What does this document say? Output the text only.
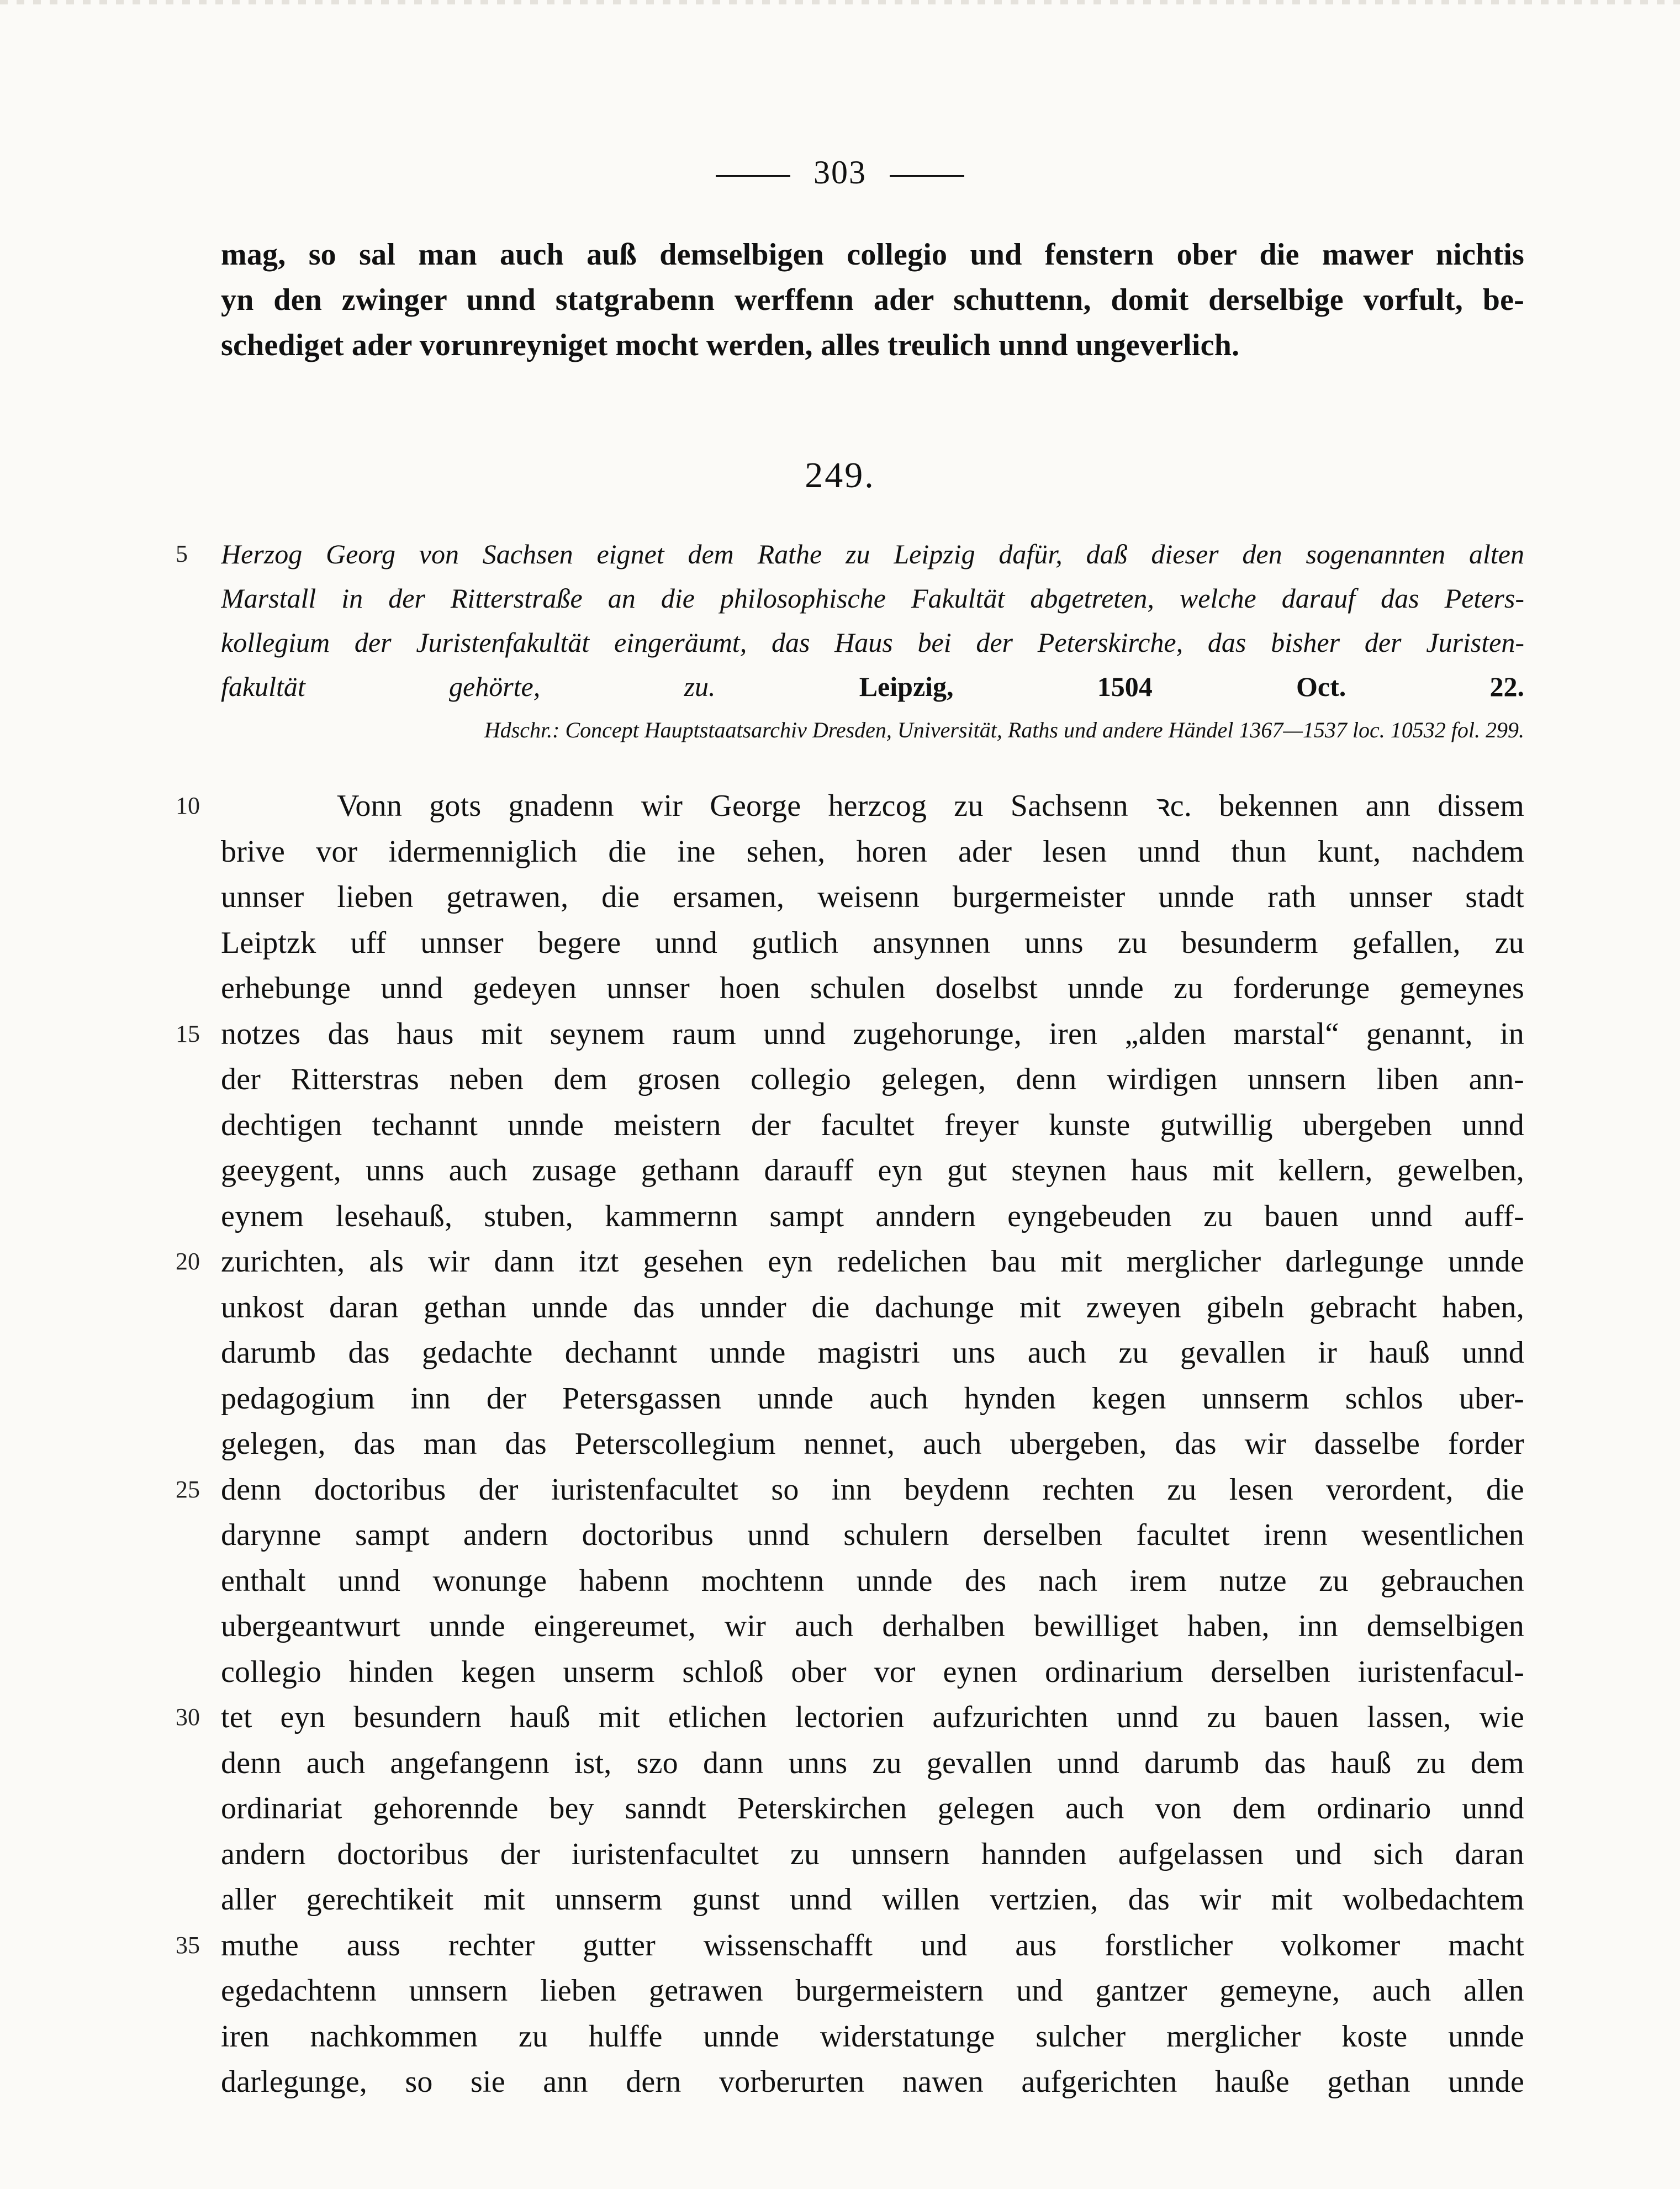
303
mag, so sal man auch auß demselbigen collegio und fenstern ober die mawer nichtis
yn den zwinger unnd statgrabenn werffenn ader schuttenn, domit derselbige vorfult, be-
schediget ader vorunreyniget mocht werden, alles treulich unnd ungeverlich.
249.
5	Herzog Georg von Sachsen eignet dem Rathe zu Leipzig dafür, daß dieser den sogenannten alten
Marstall in der Ritterstraße an die philosophische Fakultät abgetreten, welche darauf das Peters-
kollegium der Juristenfakultät eingeräumt, das Haus bei der Peterskirche, das bisher der Juristen-
fakultät gehörte, zu.	Leipzig, 1504 Oct. 22.
Hdschr.: Concept Hauptstaatsarchiv Dresden, Universität, Raths und andere Händel 1367—1537 loc. 10532 fol. 299.
10
15
20
25
30
35
Vonn gots gnadenn wir George herzcog zu Sachsenn ꝛc. bekennen ann dissem
brive vor idermenniglich die ine sehen, horen ader lesen unnd thun kunt, nachdem
unnser lieben getrawen, die ersamen, weisenn burgermeister unnde rath unnser stadt
Leiptzk uff unnser begere unnd gutlich ansynnen unns zu besunderm gefallen, zu
erhebunge unnd gedeyen unnser hoen schulen doselbst unnde zu forderunge gemeynes
notzes das haus mit seynem raum unnd zugehorunge, iren „alden marstal“ genannt, in
der Ritterstras neben dem grosen collegio gelegen, denn wirdigen unnsern liben ann-
dechtigen techannt unnde meistern der facultet freyer kunste gutwillig ubergeben unnd
geeygent, unns auch zusage gethann darauff eyn gut steynen haus mit kellern, gewelben,
eynem lesehauß, stuben, kammernn sampt anndern eyngebeuden zu bauen unnd auff-
zurichten, als wir dann itzt gesehen eyn redelichen bau mit merglicher darlegunge unnde
unkost daran gethan unnde das unnder die dachunge mit zweyen gibeln gebracht haben,
darumb das gedachte dechannt unnde magistri uns auch zu gevallen ir hauß unnd
pedagogium inn der Petersgassen unnde auch hynden kegen unnserm schlos uber-
gelegen, das man das Peterscollegium nennet, auch ubergeben, das wir dasselbe forder
denn doctoribus der iuristenfacultet so inn beydenn rechten zu lesen verordent, die
darynne sampt andern doctoribus unnd schulern derselben facultet irenn wesentlichen
enthalt unnd wonunge habenn mochtenn unnde des nach irem nutze zu gebrauchen
ubergeantwurt unnde eingereumet, wir auch derhalben bewilliget haben, inn demselbigen
collegio hinden kegen unserm schloß ober vor eynen ordinarium derselben iuristenfacul-
tet eyn besundern hauß mit etlichen lectorien aufzurichten unnd zu bauen lassen, wie
denn auch angefangenn ist, szo dann unns zu gevallen unnd darumb das hauß zu dem
ordinariat gehorennde bey sanndt Peterskirchen gelegen auch von dem ordinario unnd
andern doctoribus der iuristenfacultet zu unnsern hannden aufgelassen und sich daran
aller gerechtikeit mit unnserm gunst unnd willen vertzien, das wir mit wolbedachtem
muthe auss rechter gutter wissenschafft und aus forstlicher volkomer macht
egedachtenn unnsern lieben getrawen burgermeistern und gantzer gemeyne, auch allen
iren nachkommen zu hulffe unnde widerstatunge sulcher merglicher koste unnde
darlegunge, so sie ann dern vorberurten nawen aufgerichten hauße gethan unnde
